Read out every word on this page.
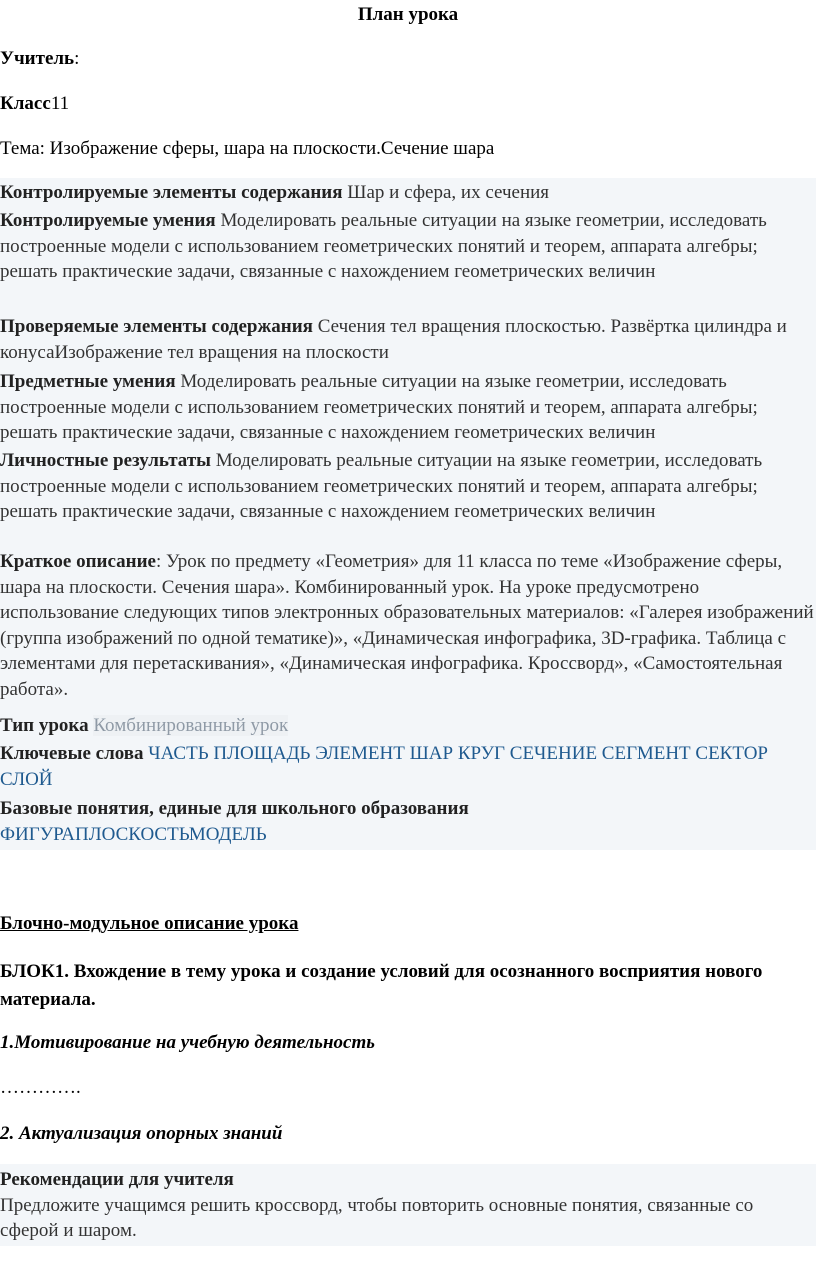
План урока
Учитель:
Класс11
Тема: Изображение сферы, шара на плоскости.Сечение шара
Контролируемые элементы содержания Шар и сфера, их сечения
Контролируемые умения Моделировать реальные ситуации на языке геометрии, исследовать построенные модели с использованием геометрических понятий и теорем, аппарата алгебры; решать практические задачи, связанные с нахождением геометрических величин
Проверяемые элементы содержания Сечения тел вращения плоскостью. Развёртка цилиндра и конусаИзображение тел вращения на плоскости
Предметные умения Моделировать реальные ситуации на языке геометрии, исследовать построенные модели с использованием геометрических понятий и теорем, аппарата алгебры; решать практические задачи, связанные с нахождением геометрических величин
Личностные результаты Моделировать реальные ситуации на языке геометрии, исследовать построенные модели с использованием геометрических понятий и теорем, аппарата алгебры; решать практические задачи, связанные с нахождением геометрических величин
Краткое описание: Урок по предмету «Геометрия» для 11 класса по теме «Изображение сферы, шара на плоскости. Сечения шара». Комбинированный урок. На уроке предусмотрено использование следующих типов электронных образовательных материалов: «Галерея изображений (группа изображений по одной тематике)», «Динамическая инфографика, 3D-графика. Таблица с элементами для перетаскивания», «Динамическая инфографика. Кроссворд», «Самостоятельная работа».
Тип урока Комбинированный урок
Ключевые слова ЧАСТЬ ПЛОЩАДЬ ЭЛЕМЕНТ ШАР КРУГ СЕЧЕНИЕ СЕГМЕНТ СЕКТОР СЛОЙ
Базовые понятия, единые для школьного образования
ФИГУРАПЛОСКОСТЬМОДЕЛЬ
Блочно-модульное описание урока
БЛОК1. Вхождение в тему урока и создание условий для осознанного восприятия нового материала.
1.Мотивирование на учебную деятельность
………….
2. Актуализация опорных знаний
Рекомендации для учителя
Предложите учащимся решить кроссворд, чтобы повторить основные понятия, связанные со сферой и шаром.
